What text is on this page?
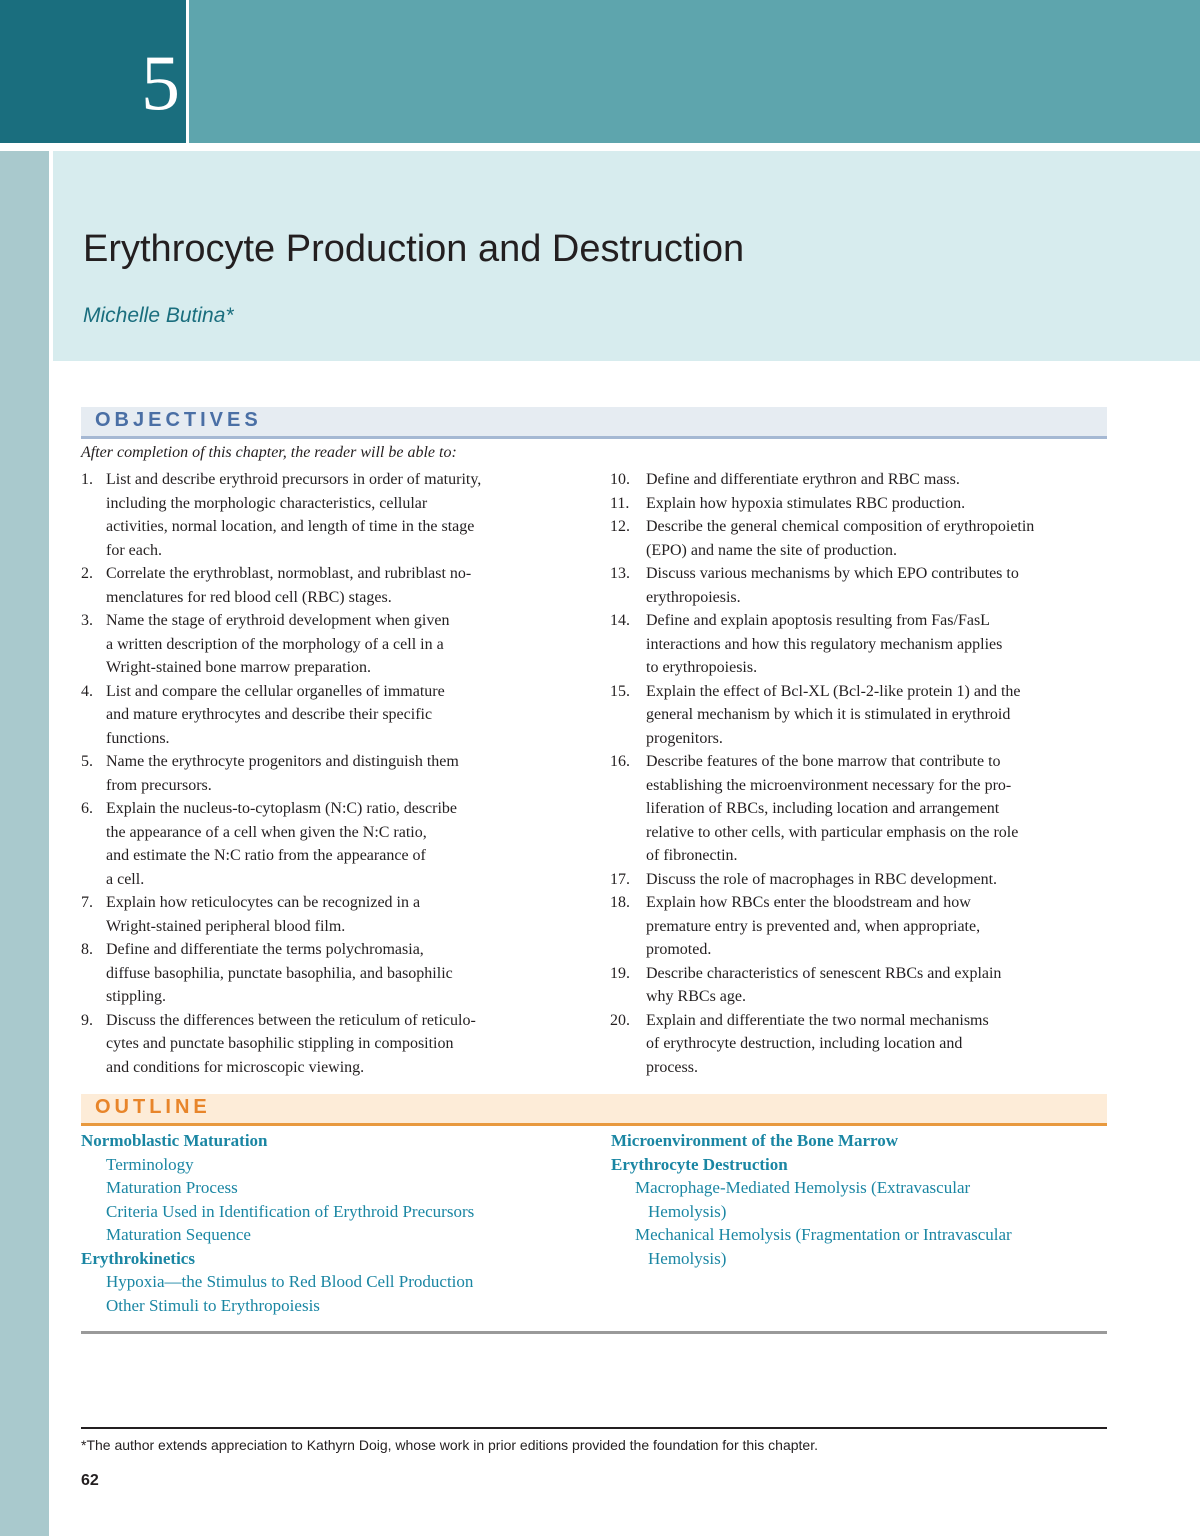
5
Erythrocyte Production and Destruction
Michelle Butina*
OBJECTIVES
After completion of this chapter, the reader will be able to:
1. List and describe erythroid precursors in order of maturity,
including the morphologic characteristics, cellular
activities, normal location, and length of time in the stage
for each.
2. Correlate the erythroblast, normoblast, and rubriblast no-
menclatures for red blood cell (RBC) stages.
3. Name the stage of erythroid development when given
a written description of the morphology of a cell in a
Wright-stained bone marrow preparation.
4. List and compare the cellular organelles of immature
and mature erythrocytes and describe their specific
functions.
5. Name the erythrocyte progenitors and distinguish them
from precursors.
6. Explain the nucleus-to-cytoplasm (N:C) ratio, describe
the appearance of a cell when given the N:C ratio,
and estimate the N:C ratio from the appearance of
a cell.
7. Explain how reticulocytes can be recognized in a
Wright-stained peripheral blood film.
8. Define and differentiate the terms polychromasia,
diffuse basophilia, punctate basophilia, and basophilic
stippling.
9. Discuss the differences between the reticulum of reticulo-
cytes and punctate basophilic stippling in composition
and conditions for microscopic viewing.
10. Define and differentiate erythron and RBC mass.
11. Explain how hypoxia stimulates RBC production.
12. Describe the general chemical composition of erythropoietin
(EPO) and name the site of production.
13. Discuss various mechanisms by which EPO contributes to
erythropoiesis.
14. Define and explain apoptosis resulting from Fas/FasL
interactions and how this regulatory mechanism applies
to erythropoiesis.
15. Explain the effect of Bcl-XL (Bcl-2-like protein 1) and the
general mechanism by which it is stimulated in erythroid
progenitors.
16. Describe features of the bone marrow that contribute to
establishing the microenvironment necessary for the pro-
liferation of RBCs, including location and arrangement
relative to other cells, with particular emphasis on the role
of fibronectin.
17. Discuss the role of macrophages in RBC development.
18. Explain how RBCs enter the bloodstream and how
premature entry is prevented and, when appropriate,
promoted.
19. Describe characteristics of senescent RBCs and explain
why RBCs age.
20. Explain and differentiate the two normal mechanisms
of erythrocyte destruction, including location and
process.
OUTLINE
Normoblastic Maturation
Terminology
Maturation Process
Criteria Used in Identification of Erythroid Precursors
Maturation Sequence
Erythrokinetics
Hypoxia—the Stimulus to Red Blood Cell Production
Other Stimuli to Erythropoiesis
Microenvironment of the Bone Marrow
Erythrocyte Destruction
Macrophage-Mediated Hemolysis (Extravascular
Hemolysis)
Mechanical Hemolysis (Fragmentation or Intravascular
Hemolysis)
*The author extends appreciation to Kathyrn Doig, whose work in prior editions provided the foundation for this chapter.
62
